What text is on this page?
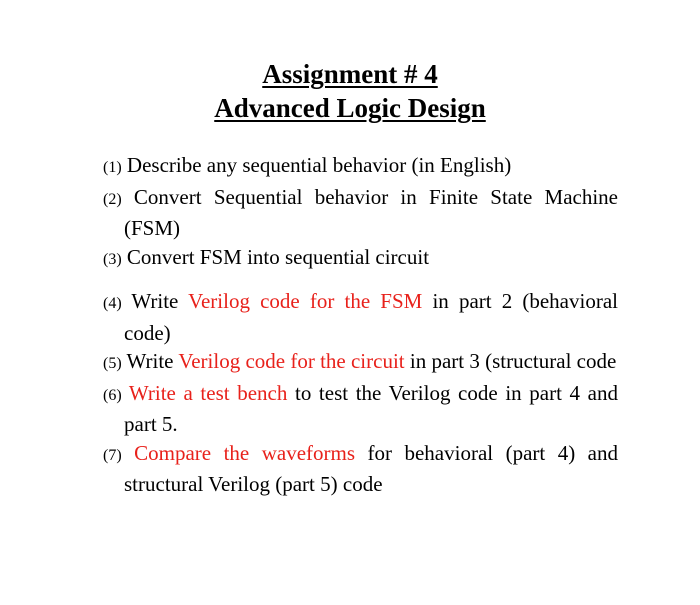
Assignment # 4
Advanced Logic Design
(1) Describe any sequential behavior (in English)
(2) Convert Sequential behavior in Finite State Machine (FSM)
(3) Convert FSM into sequential circuit
(4) Write Verilog code for the FSM in part 2 (behavioral code)
(5) Write Verilog code for the circuit in part 3 (structural code
(6) Write a test bench to test the Verilog code in part 4 and part 5.
(7) Compare the waveforms for behavioral (part 4) and structural Verilog (part 5) code
